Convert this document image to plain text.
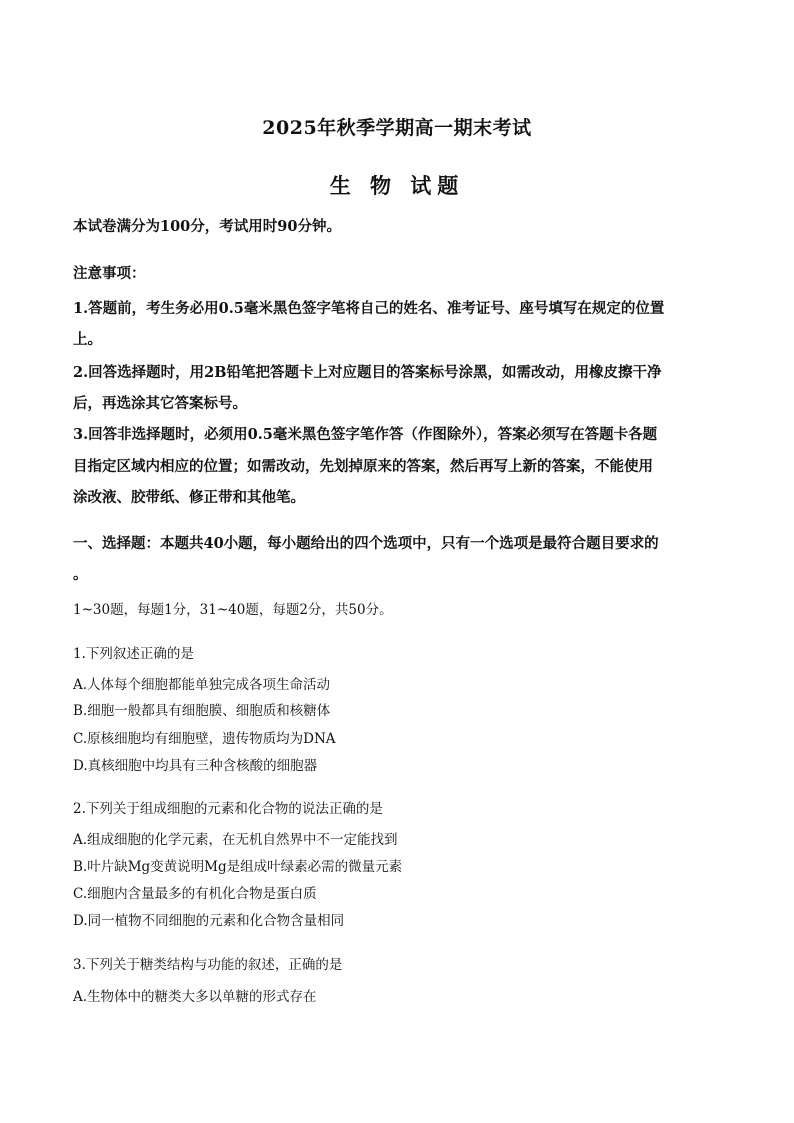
2025年秋季学期高一期末考试
生 物 试题
本试卷满分为100分，考试用时90分钟。
注意事项：
1.答题前，考生务必用0.5毫米黑色签字笔将自己的姓名、准考证号、座号填写在规定的位置
上。
2.回答选择题时，用2B铅笔把答题卡上对应题目的答案标号涂黑，如需改动，用橡皮擦干净
后，再选涂其它答案标号。
3.回答非选择题时，必须用0.5毫米黑色签字笔作答（作图除外），答案必须写在答题卡各题
目指定区域内相应的位置；如需改动，先划掉原来的答案，然后再写上新的答案，不能使用
涂改液、胶带纸、修正带和其他笔。
一、选择题：本题共40小题，每小题给出的四个选项中，只有一个选项是最符合题目要求的
。
1~30题，每题1分，31~40题，每题2分，共50分。
1.下列叙述正确的是
A.人体每个细胞都能单独完成各项生命活动
B.细胞一般都具有细胞膜、细胞质和核糖体
C.原核细胞均有细胞壁，遗传物质均为DNA
D.真核细胞中均具有三种含核酸的细胞器
2.下列关于组成细胞的元素和化合物的说法正确的是
A.组成细胞的化学元素，在无机自然界中不一定能找到
B.叶片缺Mg变黄说明Mg是组成叶绿素必需的微量元素
C.细胞内含量最多的有机化合物是蛋白质
D.同一植物不同细胞的元素和化合物含量相同
3.下列关于糖类结构与功能的叙述，正确的是
A.生物体中的糖类大多以单糖的形式存在
